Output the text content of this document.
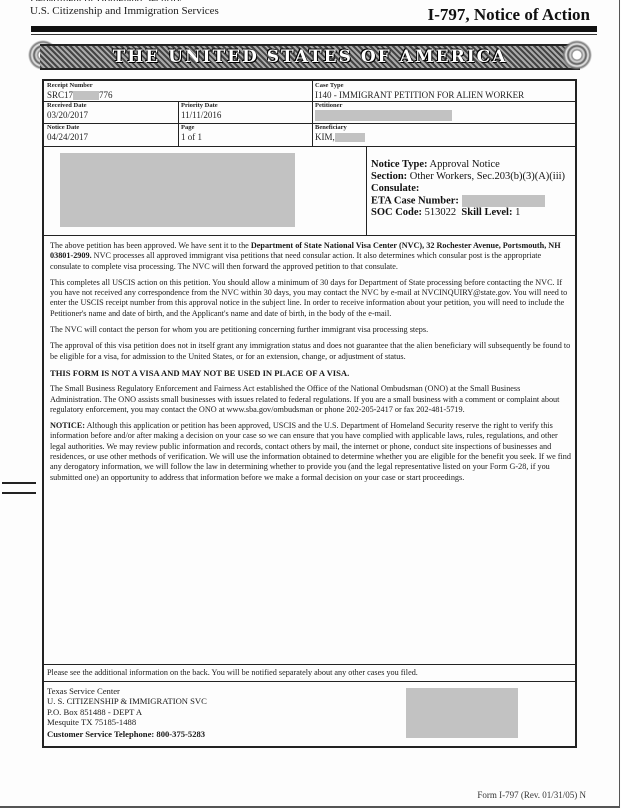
U.S. Citizenship and Immigration Services	I-797, Notice of Action
THE UNITED STATES OF AMERICA
Receipt Number
SRC17	776
Case Type
I140 - IMMIGRANT PETITION FOR ALIEN WORKER
Received Date
03/20/2017
Priority Date
11/11/2016
Petitioner
Notice Date
04/24/2017
Page
1 of 1
Beneficiary
KIM,
Notice Type: Approval Notice
Section: Other Workers, Sec.203(b)(3)(A)(iii)
Consulate:
ETA Case Number:
SOC Code: 513022 Skill Level: 1

The above petition has been approved. We have sent it to the Department of State National Visa Center (NVC), 32 Rochester Avenue, Portsmouth, NH 03801-2909. NVC processes all approved immigrant visa petitions that need consular action. It also determines which consular post is the appropriate consulate to complete visa processing. The NVC will then forward the approved petition to that consulate.

This completes all USCIS action on this petition. You should allow a minimum of 30 days for Department of State processing before contacting the NVC. If you have not received any correspondence from the NVC within 30 days, you may contact the NVC by e-mail at NVCINQUIRY@state.gov. You will need to enter the USCIS receipt number from this approval notice in the subject line. In order to receive information about your petition, you will need to include the Petitioner's name and date of birth, and the Applicant's name and date of birth, in the body of the e-mail.

The NVC will contact the person for whom you are petitioning concerning further immigrant visa processing steps.

The approval of this visa petition does not in itself grant any immigration status and does not guarantee that the alien beneficiary will subsequently be found to be eligible for a visa, for admission to the United States, or for an extension, change, or adjustment of status.

THIS FORM IS NOT A VISA AND MAY NOT BE USED IN PLACE OF A VISA.

The Small Business Regulatory Enforcement and Fairness Act established the Office of the National Ombudsman (ONO) at the Small Business Administration. The ONO assists small businesses with issues related to federal regulations. If you are a small business with a comment or complaint about regulatory enforcement, you may contact the ONO at www.sba.gov/ombudsman or phone 202-205-2417 or fax 202-481-5719.

NOTICE: Although this application or petition has been approved, USCIS and the U.S. Department of Homeland Security reserve the right to verify this information before and/or after making a decision on your case so we can ensure that you have complied with applicable laws, rules, regulations, and other legal authorities. We may review public information and records, contact others by mail, the internet or phone, conduct site inspections of businesses and residences, or use other methods of verification. We will use the information obtained to determine whether you are eligible for the benefit you seek. If we find any derogatory information, we will follow the law in determining whether to provide you (and the legal representative listed on your Form G-28, if you submitted one) an opportunity to address that information before we make a formal decision on your case or start proceedings.

Please see the additional information on the back. You will be notified separately about any other cases you filed.
Texas Service Center
U. S. CITIZENSHIP & IMMIGRATION SVC
P.O. Box 851488 - DEPT A
Mesquite TX 75185-1488
Customer Service Telephone: 800-375-5283
Form I-797 (Rev. 01/31/05) N
